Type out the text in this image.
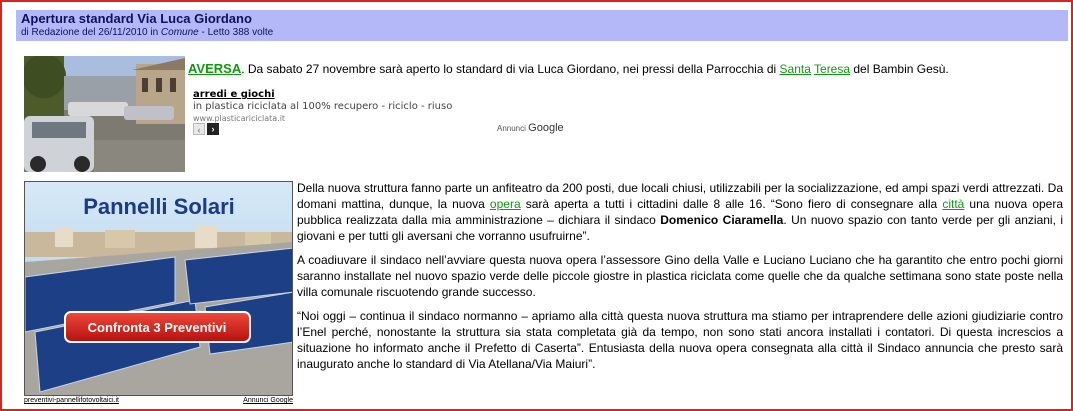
Apertura standard Via Luca Giordano
di Redazione del 26/11/2010 in Comune - Letto 388 volte
AVERSA. Da sabato 27 novembre sarà aperto lo standard di via Luca Giordano, nei pressi della Parrocchia di Santa Teresa del Bambin Gesù.
arredi e giochi
in plastica riciclata al 100% recupero - riciclo - riuso
www.plasticariciclata.it
‹	›	Annunci Google
Pannelli Solari
Confronta 3 Preventivi
preventivi-pannellifotovoltaici.it	Annunci Google

Della nuova struttura fanno parte un anfiteatro da 200 posti, due locali chiusi, utilizzabili per la socializzazione, ed ampi spazi verdi attrezzati. Da domani mattina, dunque, la nuova opera sarà aperta a tutti i cittadini dalle 8 alle 16. “Sono fiero di consegnare alla città una nuova opera pubblica realizzata dalla mia amministrazione – dichiara il sindaco Domenico Ciaramella. Un nuovo spazio con tanto verde per gli anziani, i giovani e per tutti gli aversani che vorranno usufruirne”.

A coadiuvare il sindaco nell’avviare questa nuova opera l’assessore Gino della Valle e Luciano Luciano che ha garantito che entro pochi giorni saranno installate nel nuovo spazio verde delle piccole giostre in plastica riciclata come quelle che da qualche settimana sono state poste nella villa comunale riscuotendo grande successo.

“Noi oggi – continua il sindaco normanno – apriamo alla città questa nuova struttura ma stiamo per intraprendere delle azioni giudiziarie contro l’Enel perché, nonostante la struttura sia stata completata già da tempo, non sono stati ancora installati i contatori. Di questa increscios a situazione ho informato anche il Prefetto di Caserta”. Entusiasta della nuova opera consegnata alla città il Sindaco annuncia che presto sarà inaugurato anche lo standard di Via Atellana/Via Maiuri”.
